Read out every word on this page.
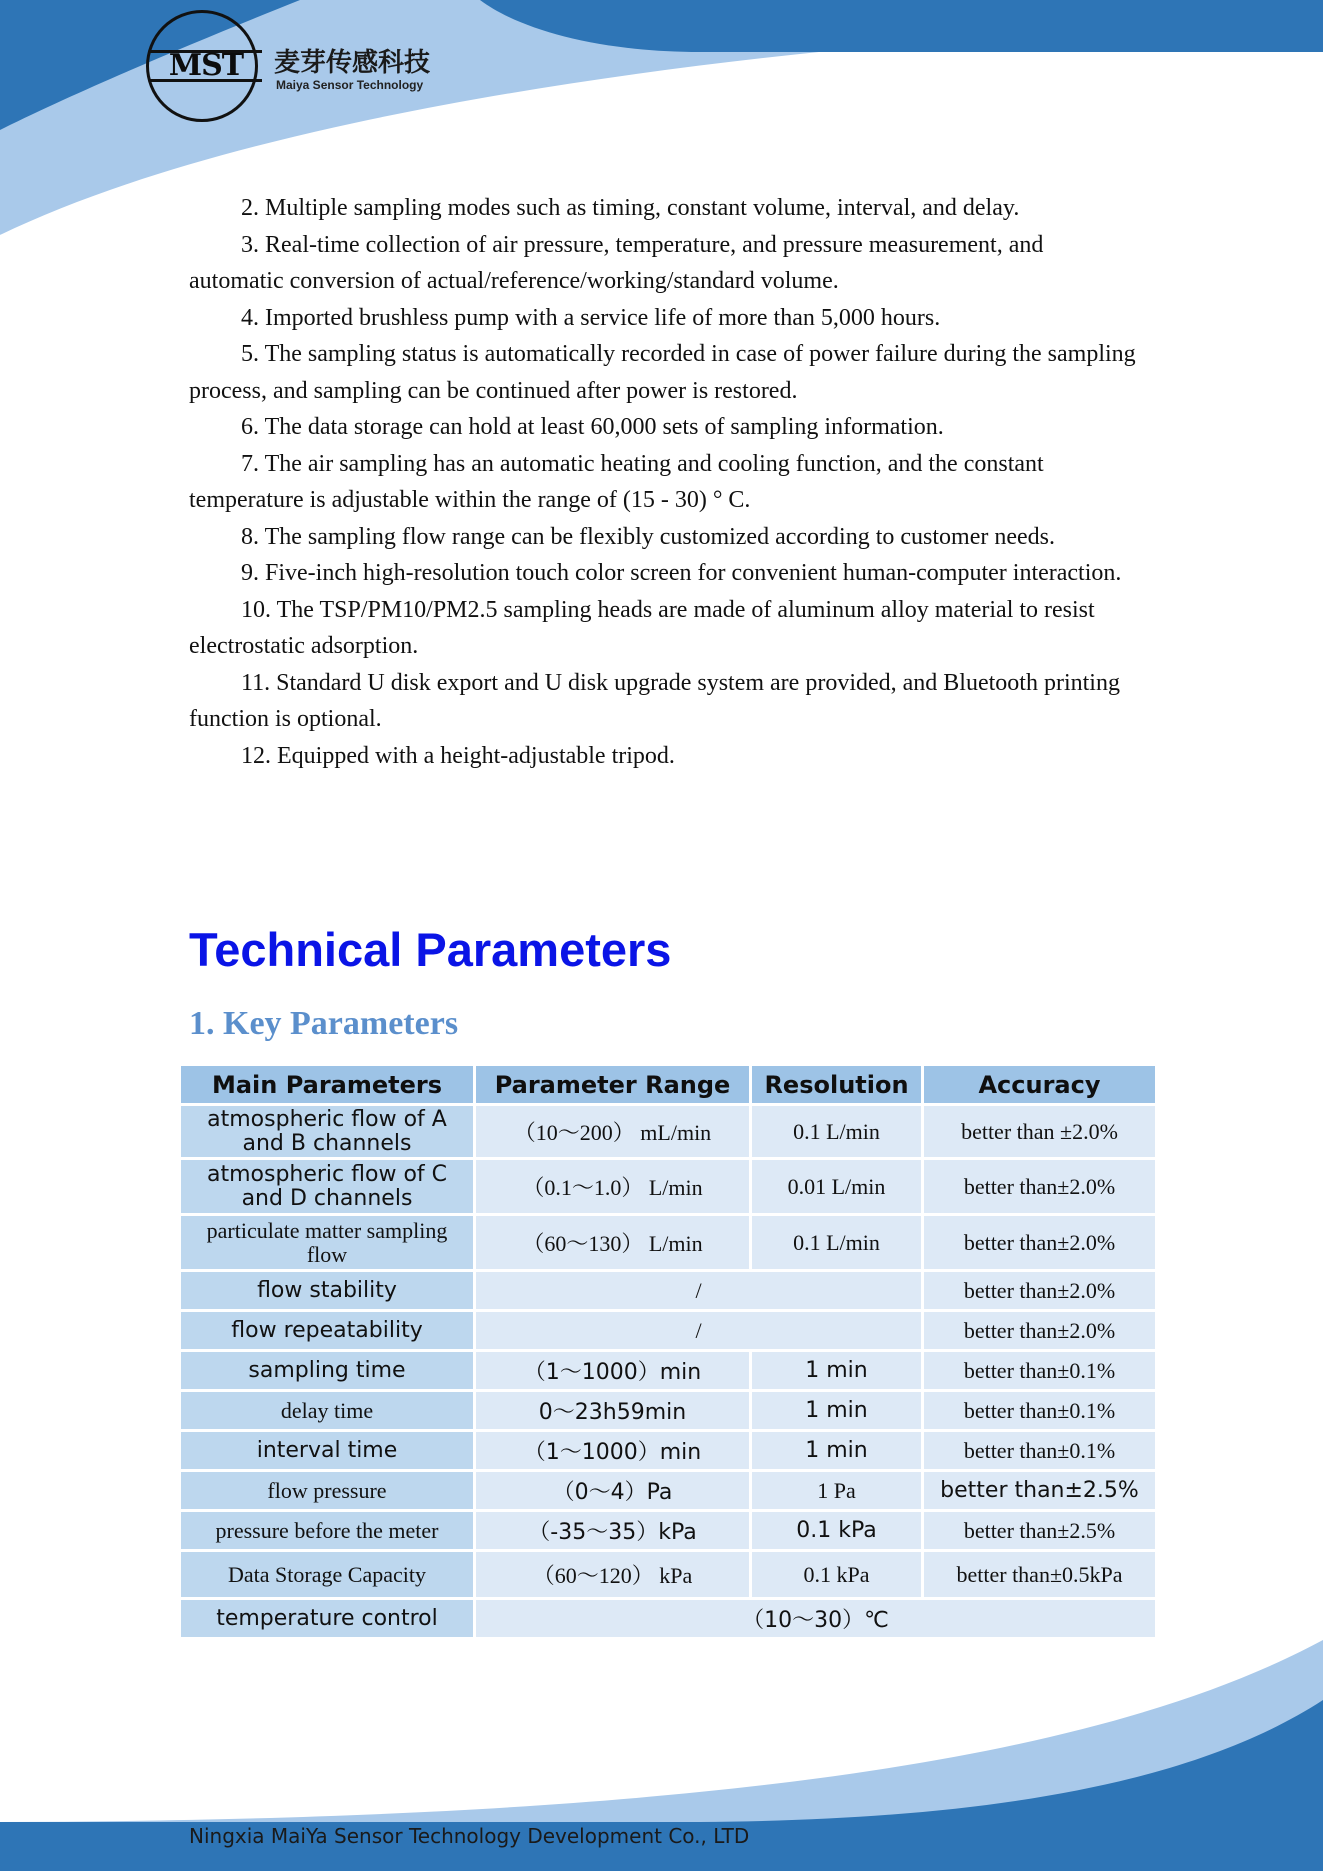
MST	麦芽传感科技
Maiya Sensor Technology

2. Multiple sampling modes such as timing, constant volume, interval, and delay.

3. Real-time collection of air pressure, temperature, and pressure measurement, and automatic conversion of actual/reference/working/standard volume.

4. Imported brushless pump with a service life of more than 5,000 hours.

5. The sampling status is automatically recorded in case of power failure during the sampling process, and sampling can be continued after power is restored.

6. The data storage can hold at least 60,000 sets of sampling information.

7. The air sampling has an automatic heating and cooling function, and the constant temperature is adjustable within the range of (15 - 30) ° C.

8. The sampling flow range can be flexibly customized according to customer needs.

9. Five-inch high-resolution touch color screen for convenient human-computer interaction.

10. The TSP/PM10/PM2.5 sampling heads are made of aluminum alloy material to resist electrostatic adsorption.

11. Standard U disk export and U disk upgrade system are provided, and Bluetooth printing function is optional.

12. Equipped with a height-adjustable tripod.

Technical Parameters
1. Key Parameters
Main Parameters	Parameter Range	Resolution	Accuracy
atmospheric flow of A and B channels	（10～200） mL/min	0.1 L/min	better than ±2.0%
atmospheric flow of C and D channels	（0.1～1.0） L/min	0.01 L/min	better than±2.0%
particulate matter sampling flow	（60～130） L/min	0.1 L/min	better than±2.0%
flow stability	/		better than±2.0%
flow repeatability	/		better than±2.0%
sampling time	（1～1000）min	1 min	better than±0.1%
delay time	0～23h59min	1 min	better than±0.1%
interval time	（1～1000）min	1 min	better than±0.1%
flow pressure	（0～4）Pa	1 Pa	better than±2.5%
pressure before the meter	（-35～35）kPa	0.1 kPa	better than±2.5%
Data Storage Capacity	（60～120） kPa	0.1 kPa	better than±0.5kPa
temperature control	（10～30）℃		
Ningxia MaiYa Sensor Technology Development Co., LTD
